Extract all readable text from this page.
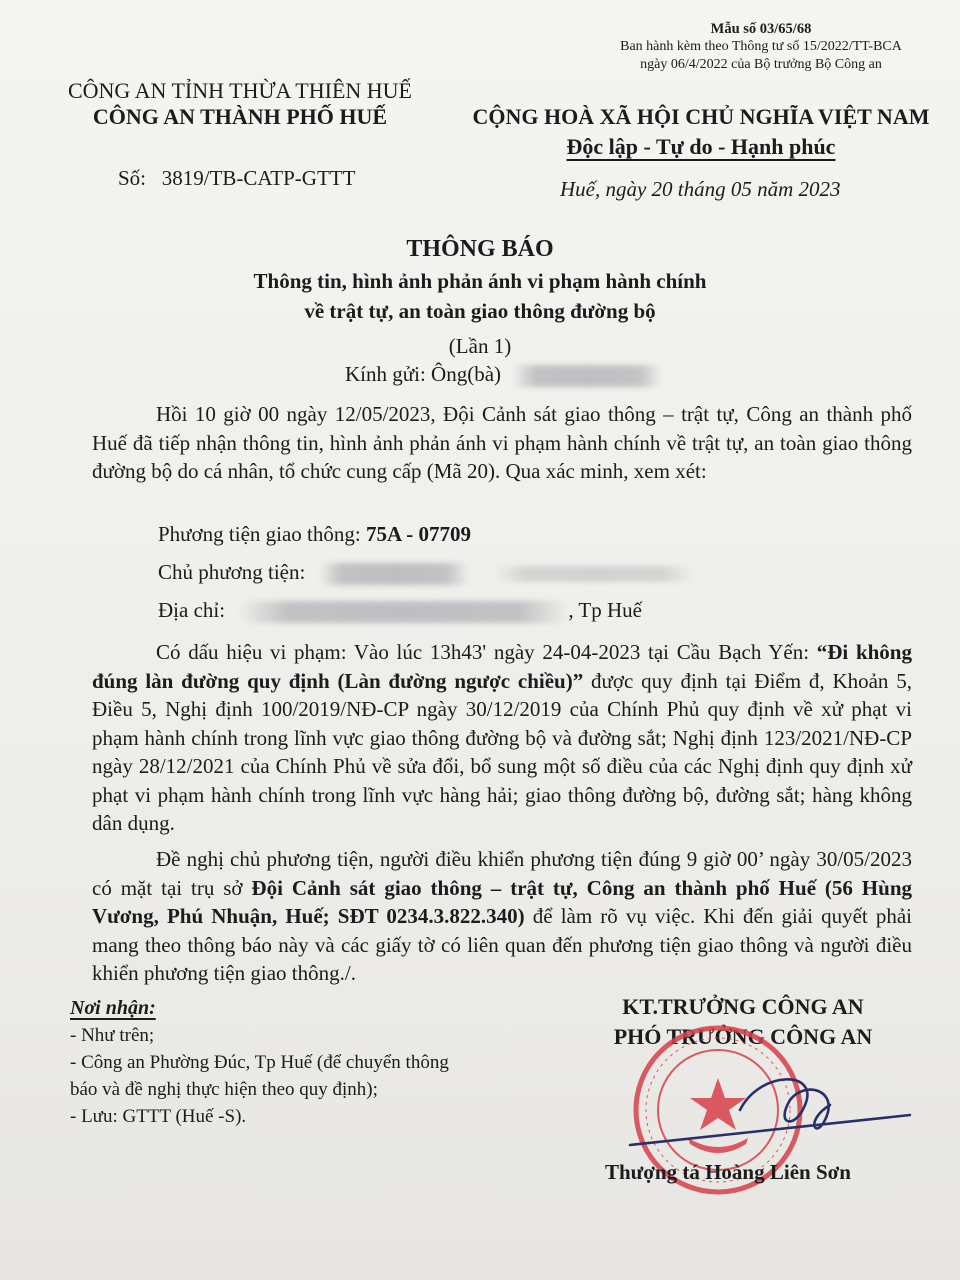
Mẫu số 03/65/68
Ban hành kèm theo Thông tư số 15/2022/TT-BCA
ngày 06/4/2022 của Bộ trưởng Bộ Công an
CÔNG AN TỈNH THỪA THIÊN HUẾ
CÔNG AN THÀNH PHỐ HUẾ
Số: 3819/TB-CATP-GTTT
CỘNG HOÀ XÃ HỘI CHỦ NGHĨA VIỆT NAM
Độc lập - Tự do - Hạnh phúc
Huế, ngày 20 tháng 05 năm 2023
THÔNG BÁO
Thông tin, hình ảnh phản ánh vi phạm hành chính
về trật tự, an toàn giao thông đường bộ
(Lần 1)
Kính gửi: Ông(bà)
Hồi 10 giờ 00 ngày 12/05/2023, Đội Cảnh sát giao thông – trật tự, Công an thành phố Huế đã tiếp nhận thông tin, hình ảnh phản ánh vi phạm hành chính về trật tự, an toàn giao thông đường bộ do cá nhân, tổ chức cung cấp (Mã 20). Qua xác minh, xem xét:
Phương tiện giao thông: 75A - 07709
Chủ phương tiện:
Địa chỉ:	, Tp Huế
Có dấu hiệu vi phạm: Vào lúc 13h43' ngày 24-04-2023 tại Cầu Bạch Yến: “Đi không đúng làn đường quy định (Làn đường ngược chiều)” được quy định tại Điểm đ, Khoản 5, Điều 5, Nghị định 100/2019/NĐ-CP ngày 30/12/2019 của Chính Phủ quy định về xử phạt vi phạm hành chính trong lĩnh vực giao thông đường bộ và đường sắt; Nghị định 123/2021/NĐ-CP ngày 28/12/2021 của Chính Phủ về sửa đổi, bổ sung một số điều của các Nghị định quy định xử phạt vi phạm hành chính trong lĩnh vực hàng hải; giao thông đường bộ, đường sắt; hàng không dân dụng.
Đề nghị chủ phương tiện, người điều khiển phương tiện đúng 9 giờ 00’ ngày 30/05/2023 có mặt tại trụ sở Đội Cảnh sát giao thông – trật tự, Công an thành phố Huế (56 Hùng Vương, Phú Nhuận, Huế; SĐT 0234.3.822.340) để làm rõ vụ việc. Khi đến giải quyết phải mang theo thông báo này và các giấy tờ có liên quan đến phương tiện giao thông và người điều khiển phương tiện giao thông./.
Nơi nhận:
- Như trên;
- Công an Phường Đúc, Tp Huế (để chuyển thông
báo và đề nghị thực hiện theo quy định);
- Lưu: GTTT (Huế -S).
KT.TRƯỞNG CÔNG AN
PHÓ TRƯỞNG CÔNG AN
Thượng tá Hoàng Liên Sơn
